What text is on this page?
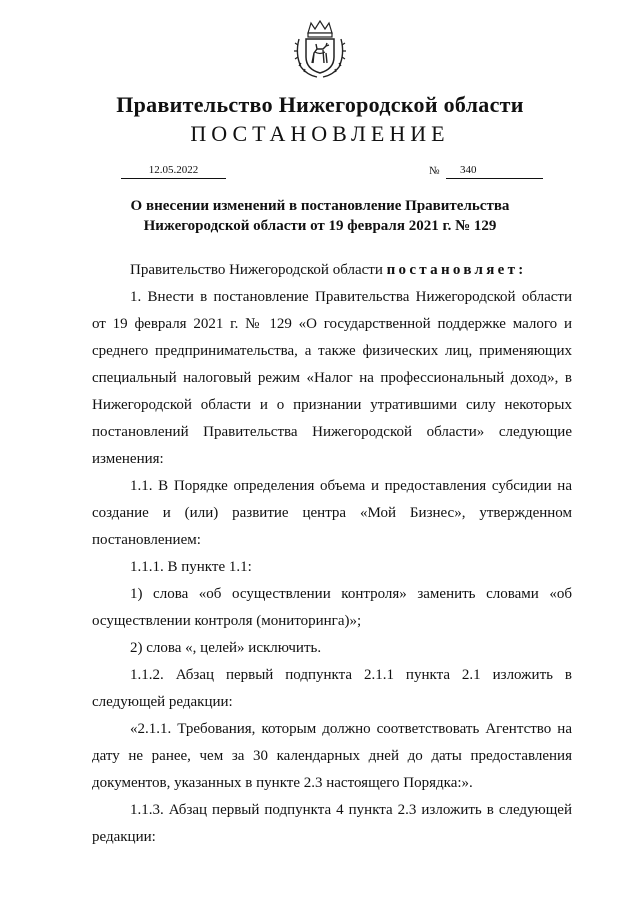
Правительство Нижегородской области
ПОСТАНОВЛЕНИЕ
12.05.2022	№ 340
О внесении изменений в постановление Правительства
Нижегородской области от 19 февраля 2021 г. № 129

Правительство Нижегородской области постановляет:

1. Внести в постановление Правительства Нижегородской области от 19 февраля 2021 г. № 129 «О государственной поддержке малого и среднего предпринимательства, а также физических лиц, применяющих специальный налоговый режим «Налог на профессиональный доход», в Нижегородской области и о признании утратившими силу некоторых постановлений Правительства Нижегородской области» следующие изменения:

1.1. В Порядке определения объема и предоставления субсидии на создание и (или) развитие центра «Мой Бизнес», утвержденном постановлением:

1.1.1. В пункте 1.1:

1) слова «об осуществлении контроля» заменить словами «об осуществлении контроля (мониторинга)»;

2) слова «, целей» исключить.

1.1.2. Абзац первый подпункта 2.1.1 пункта 2.1 изложить в следующей редакции:

«2.1.1. Требования, которым должно соответствовать Агентство на дату не ранее, чем за 30 календарных дней до даты предоставления документов, указанных в пункте 2.3 настоящего Порядка:».

1.1.3. Абзац первый подпункта 4 пункта 2.3 изложить в следующей редакции:
